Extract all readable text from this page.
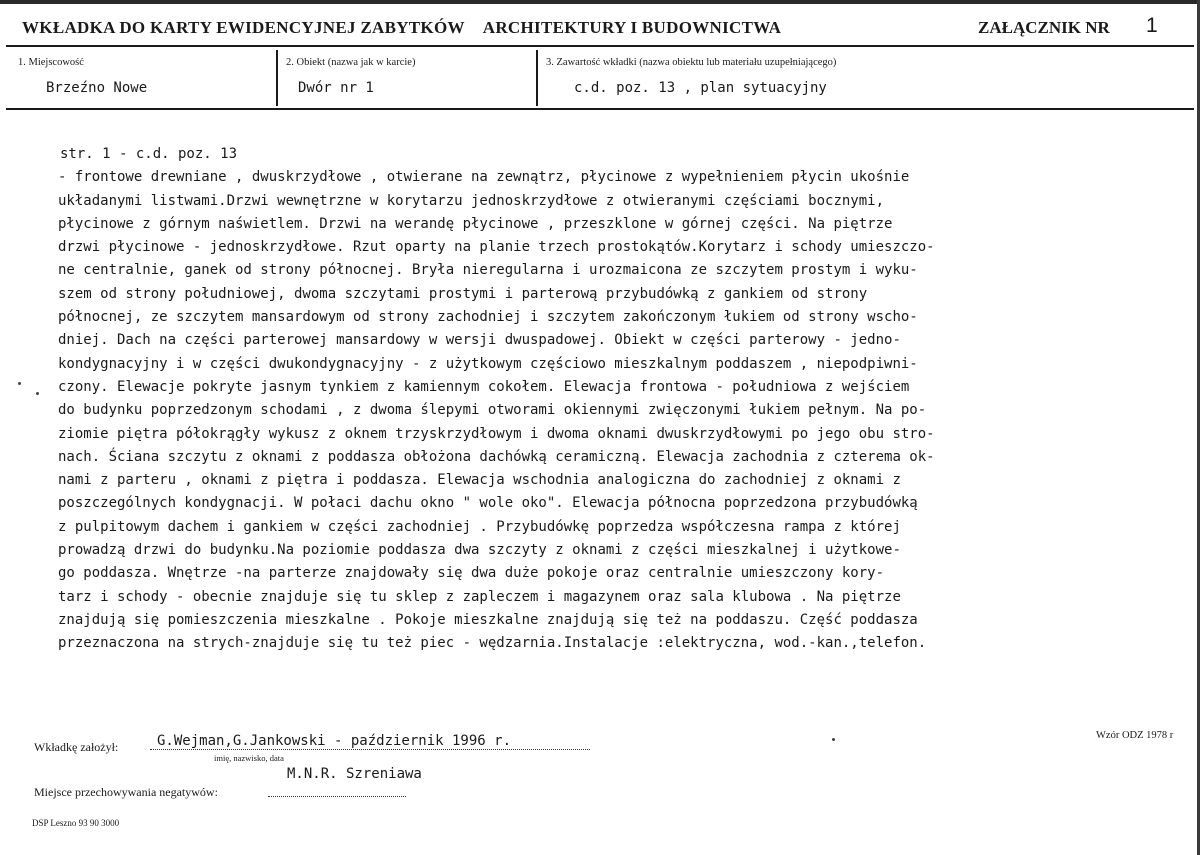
WKŁADKA DO KARTY EWIDENCYJNEJ ZABYTKÓW ARCHITEKTURY I BUDOWNICTWA	ZAŁĄCZNIK NR 1
1. Miejscowość
Brzeźno Nowe
2. Obiekt (nazwa jak w karcie)
Dwór nr 1
3. Zawartość wkładki (nazwa obiektu lub materiału uzupełniającego)
c.d. poz. 13 , plan sytuacyjny
str. 1 - c.d. poz. 13
- frontowe drewniane , dwuskrzydłowe , otwierane na zewnątrz, płycinowe z wypełnieniem płycin ukośnie
układanymi listwami.Drzwi wewnętrzne w korytarzu jednoskrzydłowe z otwieranymi częściami bocznymi,
płycinowe z górnym naświetlem. Drzwi na werandę płycinowe , przeszklone w górnej części. Na piętrze
drzwi płycinowe - jednoskrzydłowe. Rzut oparty na planie trzech prostokątów.Korytarz i schody umieszczo-
ne centralnie, ganek od strony północnej. Bryła nieregularna i urozmaicona ze szczytem prostym i wyku-
szem od strony południowej, dwoma szczytami prostymi i parterową przybudówką z gankiem od strony
północnej, ze szczytem mansardowym od strony zachodniej i szczytem zakończonym łukiem od strony wscho-
dniej. Dach na części parterowej mansardowy w wersji dwuspadowej. Obiekt w części parterowy - jedno-
kondygnacyjny i w części dwukondygnacyjny - z użytkowym częściowo mieszkalnym poddaszem , niepodpiwni-
czony. Elewacje pokryte jasnym tynkiem z kamiennym cokołem. Elewacja frontowa - południowa z wejściem
do budynku poprzedzonym schodami , z dwoma ślepymi otworami okiennymi zwięczonymi łukiem pełnym. Na po-
ziomie piętra półokrągły wykusz z oknem trzyskrzydłowym i dwoma oknami dwuskrzydłowymi po jego obu stro-
nach. Ściana szczytu z oknami z poddasza obłożona dachówką ceramiczną. Elewacja zachodnia z czterema ok-
nami z parteru , oknami z piętra i poddasza. Elewacja wschodnia analogiczna do zachodniej z oknami z
poszczególnych kondygnacji. W połaci dachu okno " wole oko". Elewacja północna poprzedzona przybudówką
z pulpitowym dachem i gankiem w części zachodniej . Przybudówkę poprzedza współczesna rampa z której
prowadzą drzwi do budynku.Na poziomie poddasza dwa szczyty z oknami z części mieszkalnej i użytkowe-
go poddasza. Wnętrze -na parterze znajdowały się dwa duże pokoje oraz centralnie umieszczony kory-
tarz i schody - obecnie znajduje się tu sklep z zapleczem i magazynem oraz sala klubowa . Na piętrze
znajdują się pomieszczenia mieszkalne . Pokoje mieszkalne znajdują się też na poddaszu. Część poddasza
przeznaczona na strych-znajduje się tu też piec - wędzarnia.Instalacje :elektryczna, wod.-kan.,telefon.
Wkładkę założył:	G.Wejman,G.Jankowski - październik 1996 r.
imię, nazwisko, data
M.N.R. Szreniawa
Miejsce przechowywania negatywów:
Wzór ODZ 1978 r
DSP Leszno 93 90 3000
